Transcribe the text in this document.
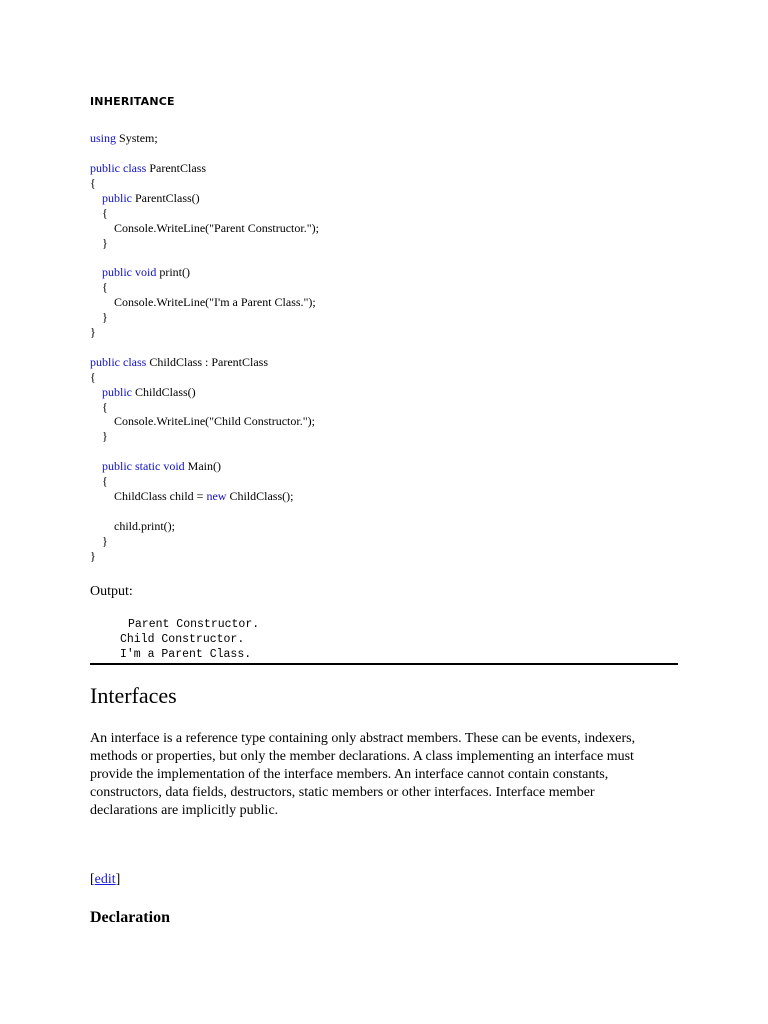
INHERITANCE
using System;
public class ParentClass
{
public ParentClass()
{
Console.WriteLine("Parent Constructor.");
}
public void print()
{
Console.WriteLine("I'm a Parent Class.");
}
}
public class ChildClass : ParentClass
{
public ChildClass()
{
Console.WriteLine("Child Constructor.");
}
public static void Main()
{
ChildClass child = new ChildClass();
child.print();
}
}
Output:
Parent Constructor.
Child Constructor.
I'm a Parent Class.
Interfaces
An interface is a reference type containing only abstract members. These can be events, indexers,
methods or properties, but only the member declarations. A class implementing an interface must
provide the implementation of the interface members. An interface cannot contain constants,
constructors, data fields, destructors, static members or other interfaces. Interface member
declarations are implicitly public.
[edit]
Declaration
